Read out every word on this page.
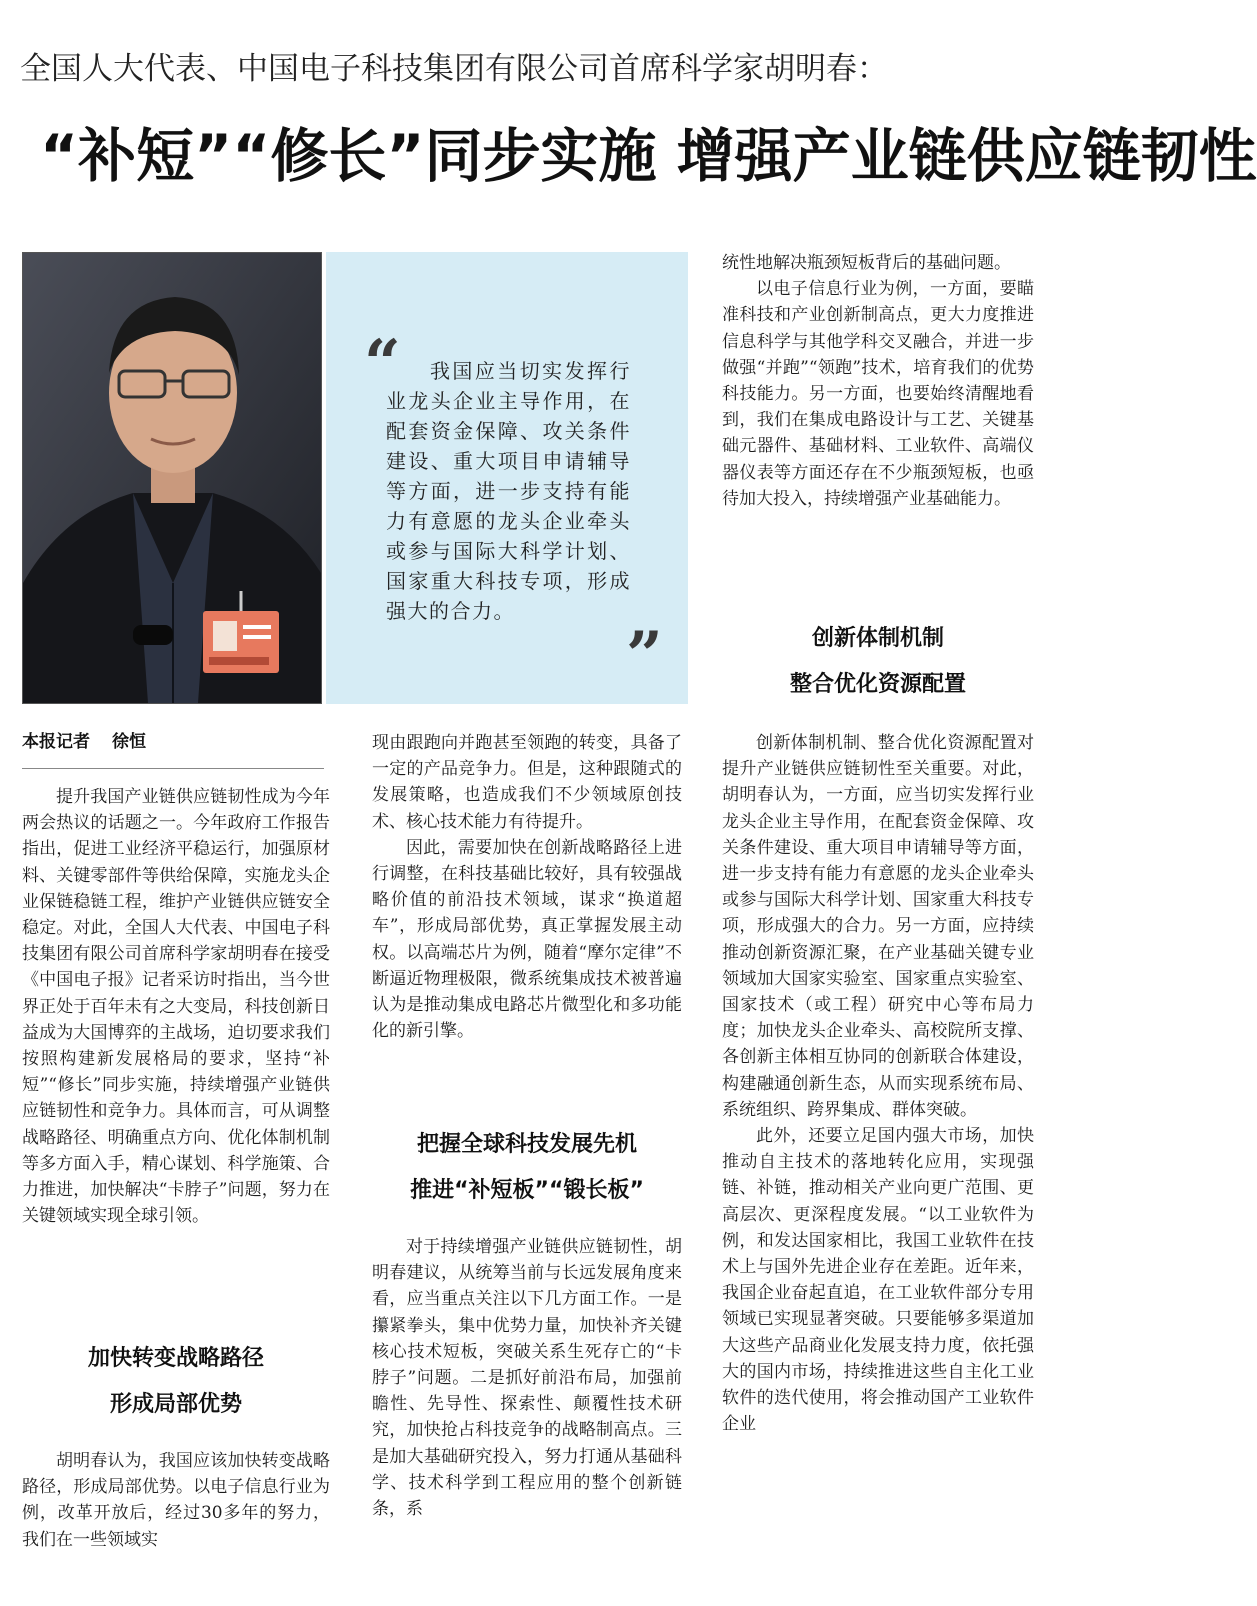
全国人大代表、中国电子科技集团有限公司首席科学家胡明春：
“补短”“修长”同步实施 增强产业链供应链韧性
“	我国应当切实发挥行业龙头企业主导作用，在配套资金保障、攻关条件建设、重大项目申请辅导等方面，进一步支持有能力有意愿的龙头企业牵头或参与国际大科学计划、国家重大科技专项，形成强大的合力。
”
本报记者 徐恒

提升我国产业链供应链韧性成为今年两会热议的话题之一。今年政府工作报告指出，促进工业经济平稳运行，加强原材料、关键零部件等供给保障，实施龙头企业保链稳链工程，维护产业链供应链安全稳定。对此，全国人大代表、中国电子科技集团有限公司首席科学家胡明春在接受《中国电子报》记者采访时指出，当今世界正处于百年未有之大变局，科技创新日益成为大国博弈的主战场，迫切要求我们按照构建新发展格局的要求，坚持“补短”“修长”同步实施，持续增强产业链供应链韧性和竞争力。具体而言，可从调整战略路径、明确重点方向、优化体制机制等多方面入手，精心谋划、科学施策、合力推进，加快解决“卡脖子”问题，努力在关键领域实现全球引领。

加快转变战略路径
形成局部优势

胡明春认为，我国应该加快转变战略路径，形成局部优势。以电子信息行业为例，改革开放后，经过30多年的努力，我们在一些领域实

现由跟跑向并跑甚至领跑的转变，具备了一定的产品竞争力。但是，这种跟随式的发展策略，也造成我们不少领域原创技术、核心技术能力有待提升。

因此，需要加快在创新战略路径上进行调整，在科技基础比较好，具有较强战略价值的前沿技术领域，谋求“换道超车”，形成局部优势，真正掌握发展主动权。以高端芯片为例，随着“摩尔定律”不断逼近物理极限，微系统集成技术被普遍认为是推动集成电路芯片微型化和多功能化的新引擎。

把握全球科技发展先机
推进“补短板”“锻长板”

对于持续增强产业链供应链韧性，胡明春建议，从统筹当前与长远发展角度来看，应当重点关注以下几方面工作。一是攥紧拳头，集中优势力量，加快补齐关键核心技术短板，突破关系生死存亡的“卡脖子”问题。二是抓好前沿布局，加强前瞻性、先导性、探索性、颠覆性技术研究，加快抢占科技竞争的战略制高点。三是加大基础研究投入，努力打通从基础科学、技术科学到工程应用的整个创新链条，系

统性地解决瓶颈短板背后的基础问题。

以电子信息行业为例，一方面，要瞄准科技和产业创新制高点，更大力度推进信息科学与其他学科交叉融合，并进一步做强“并跑”“领跑”技术，培育我们的优势科技能力。另一方面，也要始终清醒地看到，我们在集成电路设计与工艺、关键基础元器件、基础材料、工业软件、高端仪器仪表等方面还存在不少瓶颈短板，也亟待加大投入，持续增强产业基础能力。

创新体制机制
整合优化资源配置

创新体制机制、整合优化资源配置对提升产业链供应链韧性至关重要。对此，胡明春认为，一方面，应当切实发挥行业龙头企业主导作用，在配套资金保障、攻关条件建设、重大项目申请辅导等方面，进一步支持有能力有意愿的龙头企业牵头或参与国际大科学计划、国家重大科技专项，形成强大的合力。另一方面，应持续推动创新资源汇聚，在产业基础关键专业领域加大国家实验室、国家重点实验室、国家技术（或工程）研究中心等布局力度；加快龙头企业牵头、高校院所支撑、各创新主体相互协同的创新联合体建设，构建融通创新生态，从而实现系统布局、系统组织、跨界集成、群体突破。

此外，还要立足国内强大市场，加快推动自主技术的落地转化应用，实现强链、补链，推动相关产业向更广范围、更高层次、更深程度发展。“以工业软件为例，和发达国家相比，我国工业软件在技术上与国外先进企业存在差距。近年来，我国企业奋起直追，在工业软件部分专用领域已实现显著突破。只要能够多渠道加大这些产品商业化发展支持力度，依托强大的国内市场，持续推进这些自主化工业软件的迭代使用，将会推动国产工业软件企业
